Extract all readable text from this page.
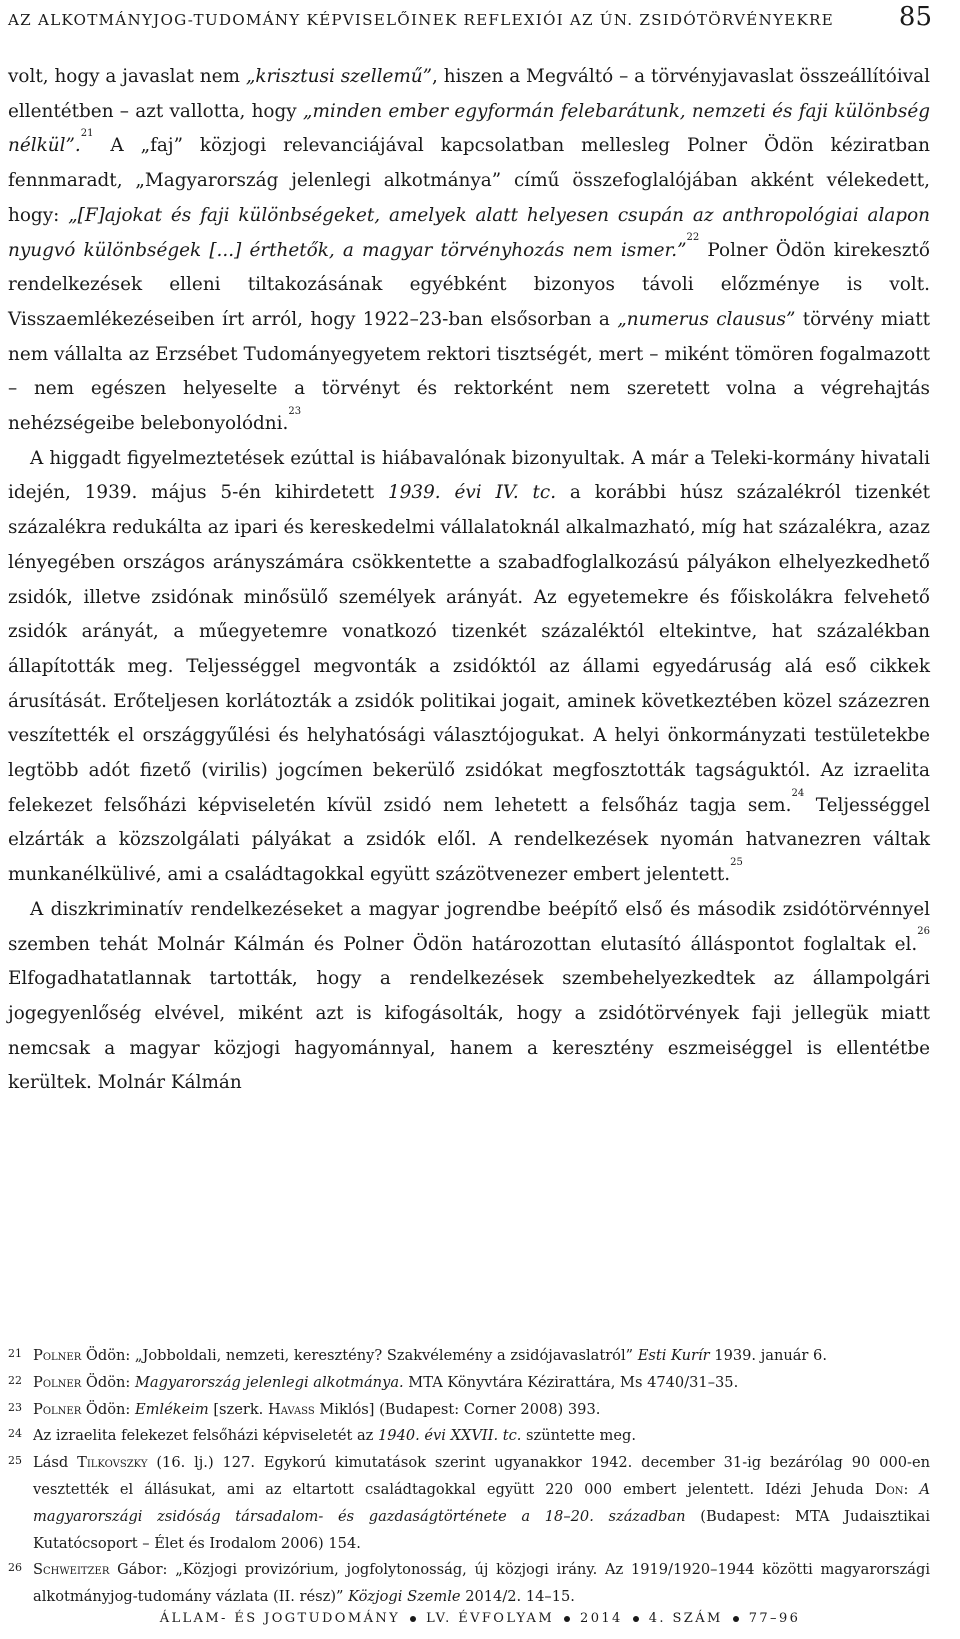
AZ ALKOTMÁNYJOG-TUDOMÁNY KÉPVISELŐINEK REFLEXIÓI AZ ÚN. ZSIDÓTÖRVÉNYEKRE 85

volt, hogy a javaslat nem „krisztusi szellemű”, hiszen a Megváltó – a törvényjavaslat összeállítóival ellentétben – azt vallotta, hogy „minden ember egyformán felebarátunk, nemzeti és faji különbség nélkül”.$^{21}$ A „faj” közjogi relevanciájával kapcsolatban mellesleg Polner Ödön kéziratban fennmaradt, „Magyarország jelenlegi alkotmánya” című összefoglalójában akként vélekedett, hogy: „[F]ajokat és faji különbségeket, amelyek alatt helyesen csupán az anthropológiai alapon nyugvó különbségek [...] érthetők, a magyar törvényhozás nem ismer.”$^{22}$ Polner Ödön kirekesztő rendelkezések elleni tiltakozásának egyébként bizonyos távoli előzménye is volt. Visszaemlékezéseiben írt arról, hogy 1922–23-ban elsősorban a „numerus clausus” törvény miatt nem vállalta az Erzsébet Tudományegyetem rektori tisztségét, mert – miként tömören fogalmazott – nem egészen helyeselte a törvényt és rektorként nem szeretett volna a végrehajtás nehézségeibe belebonyolódni.$^{23}$

A higgadt figyelmeztetések ezúttal is hiábavalónak bizonyultak. A már a Teleki-kormány hivatali idején, 1939. május 5-én kihirdetett 1939. évi IV. tc. a korábbi húsz százalékról tizenkét százalékra redukálta az ipari és kereskedelmi vállalatoknál alkalmazható, míg hat százalékra, azaz lényegében országos arányszámára csökkentette a szabadfoglalkozású pályákon elhelyezkedhető zsidók, illetve zsidónak minősülő személyek arányát. Az egyetemekre és főiskolákra felvehető zsidók arányát, a műegyetemre vonatkozó tizenkét százaléktól eltekintve, hat százalékban állapították meg. Teljességgel megvonták a zsidóktól az állami egyedáruság alá eső cikkek árusítását. Erőteljesen korlátozták a zsidók politikai jogait, aminek következtében közel százezren veszítették el országgyűlési és helyhatósági választójogukat. A helyi önkormányzati testületekbe legtöbb adót fizető (virilis) jogcímen bekerülő zsidókat megfosztották tagságuktól. Az izraelita felekezet felsőházi képviseletén kívül zsidó nem lehetett a felsőház tagja sem.$^{24}$ Teljességgel elzárták a közszolgálati pályákat a zsidók elől. A rendelkezések nyomán hatvanezren váltak munkanélkülivé, ami a családtagokkal együtt százötvenezer embert jelentett.$^{25}$

A diszkriminatív rendelkezéseket a magyar jogrendbe beépítő első és második zsidótörvénnyel szemben tehát Molnár Kálmán és Polner Ödön határozottan elutasító álláspontot foglaltak el.$^{26}$ Elfogadhatatlannak tartották, hogy a rendelkezések szembehelyezkedtek az állampolgári jogegyenlőség elvével, miként azt is kifogásolták, hogy a zsidótörvények faji jellegük miatt nemcsak a magyar közjogi hagyománnyal, hanem a keresztény eszmeiséggel is ellentétbe kerültek. Molnár Kálmán

21 Polner Ödön: „Jobboldali, nemzeti, keresztény? Szakvélemény a zsidójavaslatról” Esti Kurír 1939. január 6.
22 Polner Ödön: Magyarország jelenlegi alkotmánya. MTA Könyvtára Kézirattára, Ms 4740/31–35.
23 Polner Ödön: Emlékeim [szerk. Havass Miklós] (Budapest: Corner 2008) 393.
24 Az izraelita felekezet felsőházi képviseletét az 1940. évi XXVII. tc. szüntette meg.
25 Lásd Tilkovszky (16. lj.) 127. Egykorú kimutatások szerint ugyanakkor 1942. december 31-ig bezárólag 90 000-en vesztették el állásukat, ami az eltartott családtagokkal együtt 220 000 embert jelentett. Idézi Jehuda Don: A magyarországi zsidóság társadalom- és gazdaságtörténete a 18–20. században (Budapest: MTA Judaisztikai Kutatócsoport – Élet és Irodalom 2006) 154.
26 Schweitzer Gábor: „Közjogi provizórium, jogfolytonosság, új közjogi irány. Az 1919/1920–1944 közötti magyarországi alkotmányjog-tudomány vázlata (II. rész)” Közjogi Szemle 2014/2. 14–15.
ÁLLAM- ÉS JOGTUDOMÁNY LV. ÉVFOLYAM 2014 4. SZÁM 77–96
